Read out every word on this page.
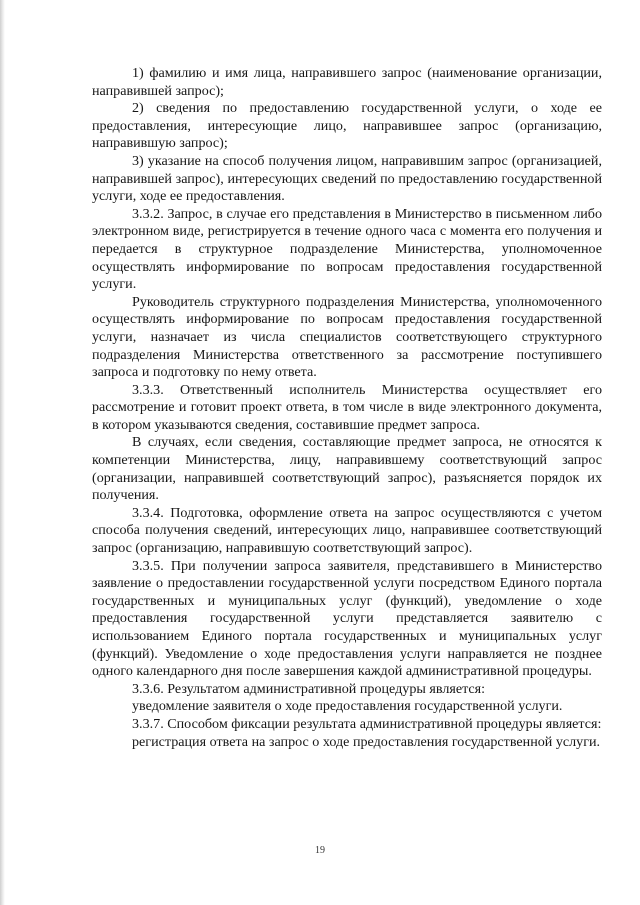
1) фамилию и имя лица, направившего запрос (наименование организации, направившей запрос);

2) сведения по предоставлению государственной услуги, о ходе ее предоставления, интересующие лицо, направившее запрос (организацию, направившую запрос);

3) указание на способ получения лицом, направившим запрос (организацией, направившей запрос), интересующих сведений по предоставлению государственной услуги, ходе ее предоставления.

3.3.2. Запрос, в случае его представления в Министерство в письменном либо электронном виде, регистрируется в течение одного часа с момента его получения и передается в структурное подразделение Министерства, уполномоченное осуществлять информирование по вопросам предоставления государственной услуги.

Руководитель структурного подразделения Министерства, уполномоченного осуществлять информирование по вопросам предоставления государственной услуги, назначает из числа специалистов соответствующего структурного подразделения Министерства ответственного за рассмотрение поступившего запроса и подготовку по нему ответа.

3.3.3. Ответственный исполнитель Министерства осуществляет его рассмотрение и готовит проект ответа, в том числе в виде электронного документа, в котором указываются сведения, составившие предмет запроса.

В случаях, если сведения, составляющие предмет запроса, не относятся к компетенции Министерства, лицу, направившему соответствующий запрос (организации, направившей соответствующий запрос), разъясняется порядок их получения.

3.3.4. Подготовка, оформление ответа на запрос осуществляются с учетом способа получения сведений, интересующих лицо, направившее соответствующий запрос (организацию, направившую соответствующий запрос).

3.3.5. При получении запроса заявителя, представившего в Министерство заявление о предоставлении государственной услуги посредством Единого портала государственных и муниципальных услуг (функций), уведомление о ходе предоставления государственной услуги представляется заявителю с использованием Единого портала государственных и муниципальных услуг (функций). Уведомление о ходе предоставления услуги направляется не позднее одного календарного дня после завершения каждой административной процедуры.

3.3.6. Результатом административной процедуры является:

уведомление заявителя о ходе предоставления государственной услуги.

3.3.7. Способом фиксации результата административной процедуры является:

регистрация ответа на запрос о ходе предоставления государственной услуги.

19
